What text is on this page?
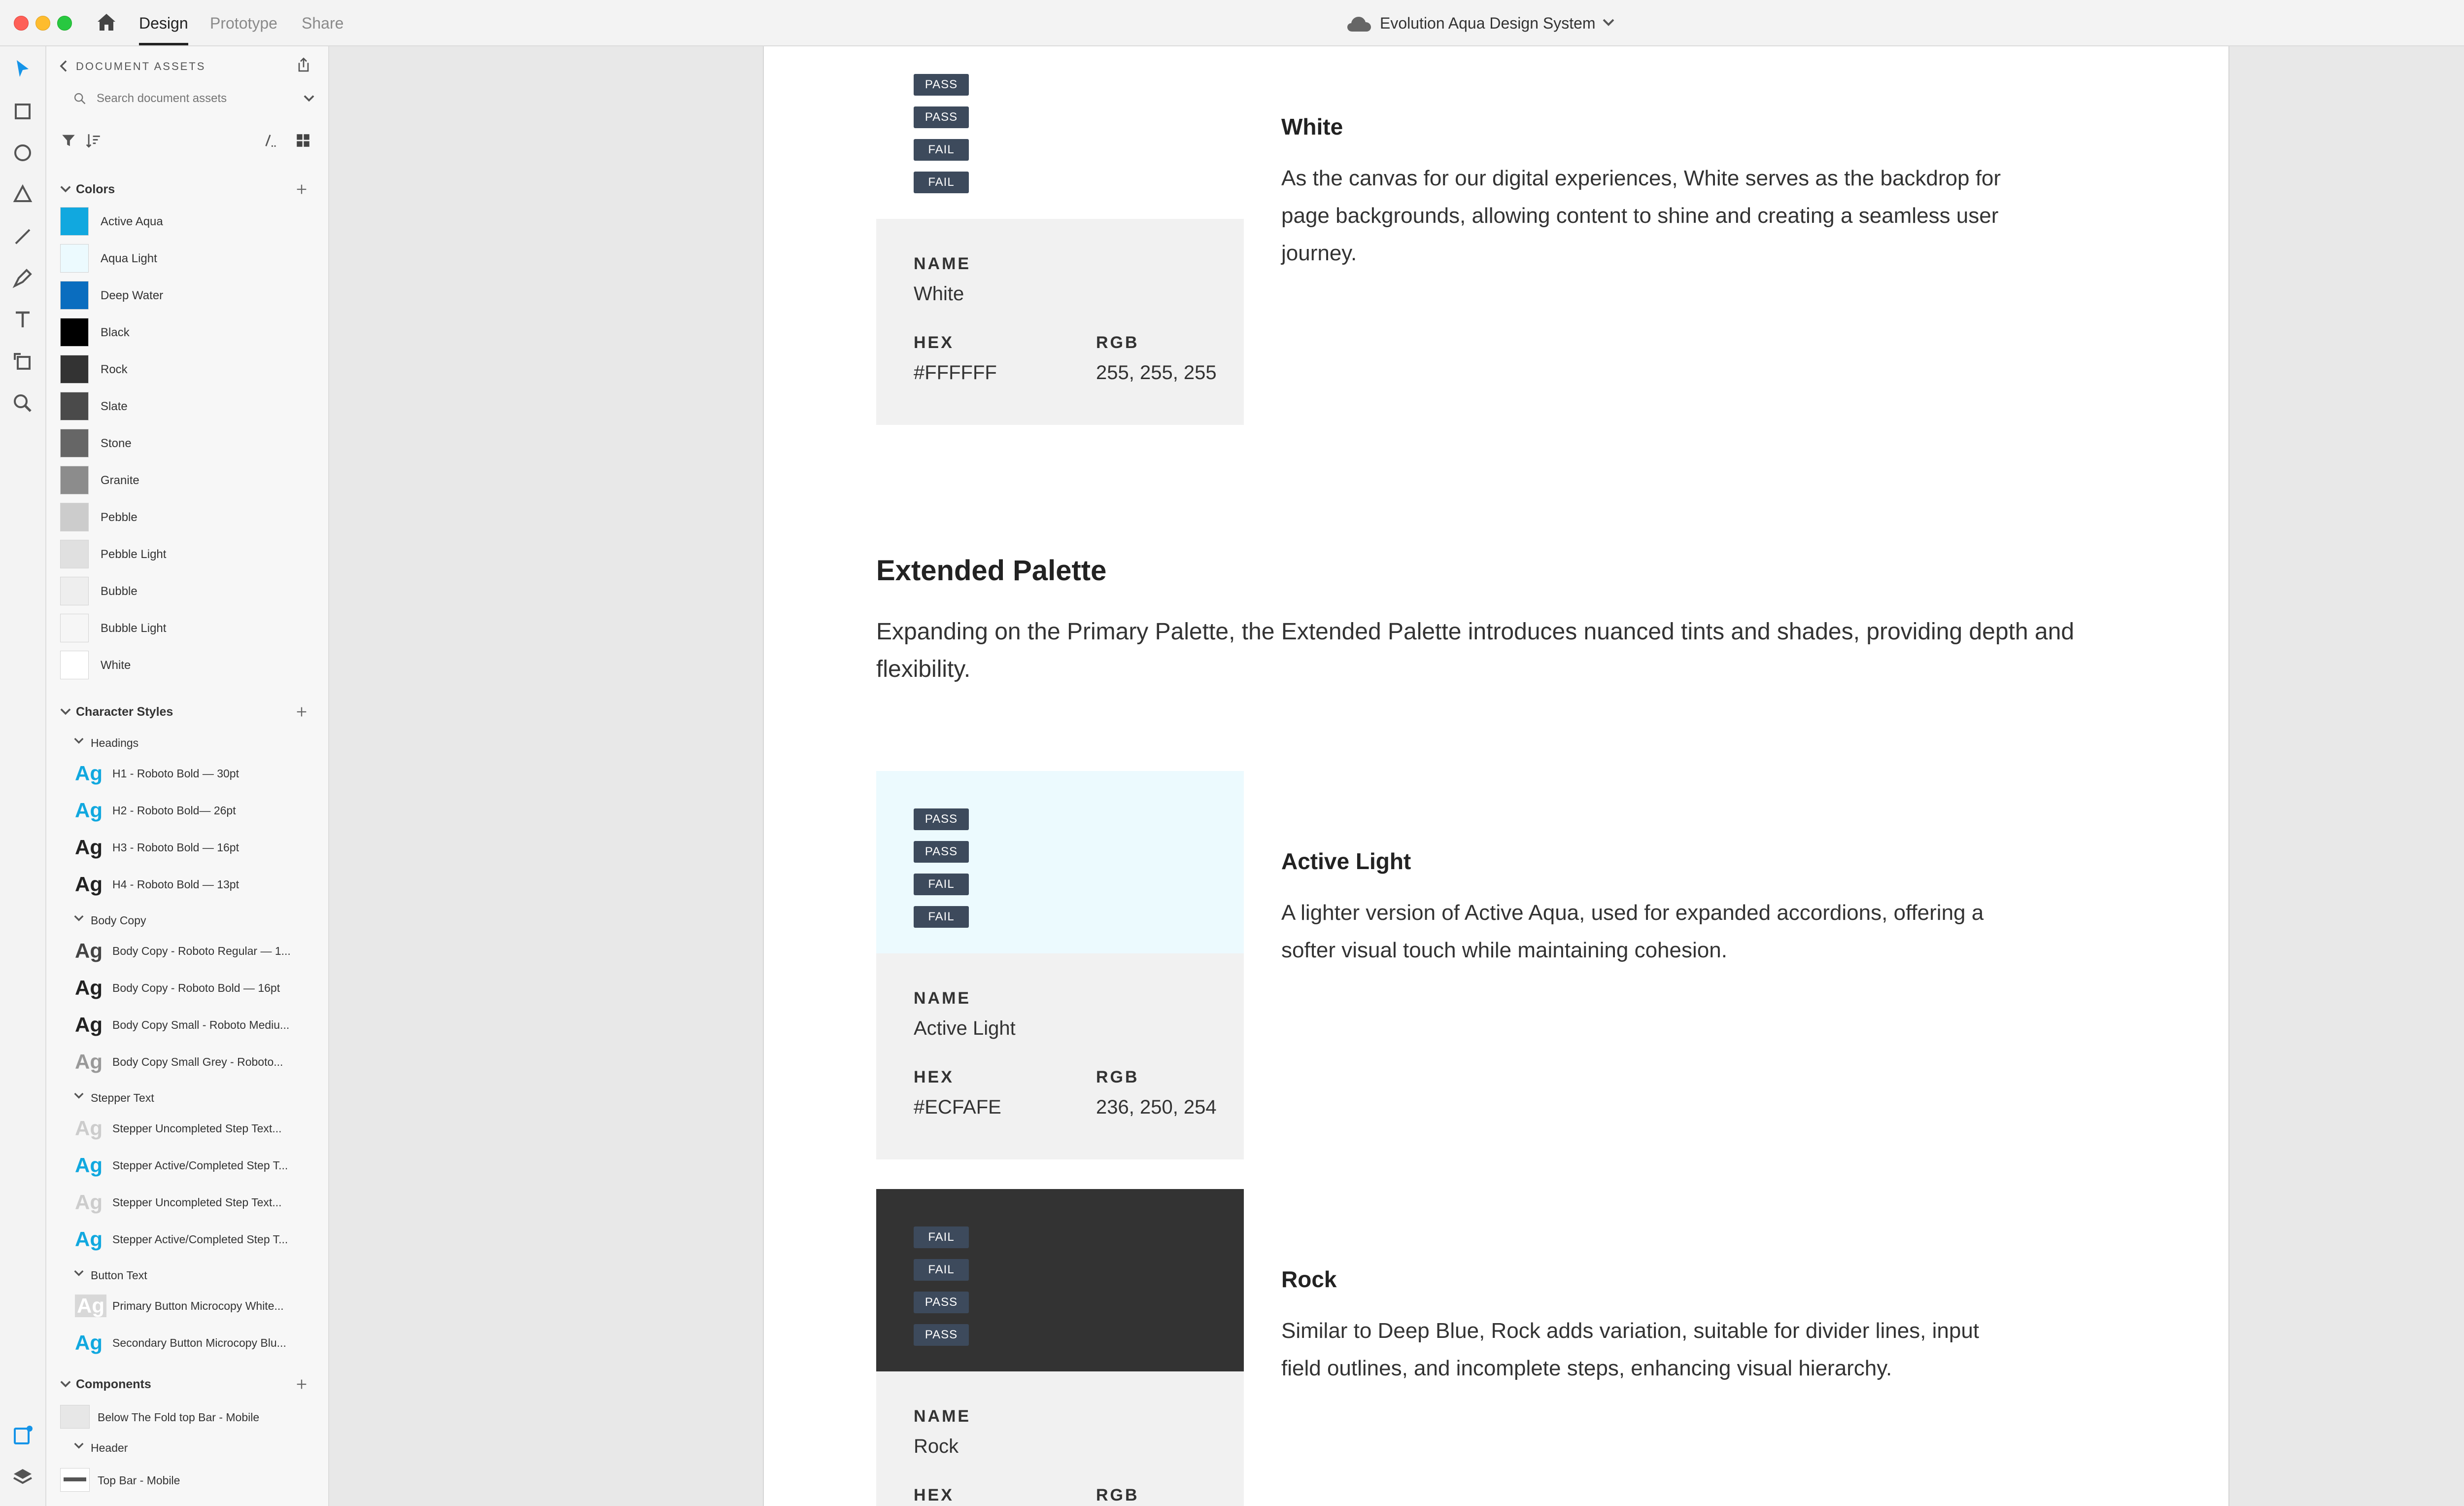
Design Prototype Share	Evolution Aqua Design System
DOCUMENT ASSETS
Search document assets
Colors
Active Aqua
Aqua Light
Deep Water
Black
Rock
Slate
Stone
Granite
Pebble
Pebble Light
Bubble
Bubble Light
White
Character Styles
Headings
Ag H1 - Roboto Bold — 30pt
Ag H2 - Roboto Bold— 26pt
Ag H3 - Roboto Bold — 16pt
Ag H4 - Roboto Bold — 13pt
Body Copy
Ag Body Copy - Roboto Regular — 1...
Ag Body Copy - Roboto Bold — 16pt
Ag Body Copy Small - Roboto Mediu...
Ag Body Copy Small Grey - Roboto...
Stepper Text
Ag Stepper Uncompleted Step Text...
Ag Stepper Active/Completed Step T...
Ag Stepper Uncompleted Step Text...
Ag Stepper Active/Completed Step T...
Button Text
Ag Primary Button Microcopy White...
Ag Secondary Button Microcopy Blu...
Components
Below The Fold top Bar - Mobile
Header
Top Bar - Mobile
PASS
PASS
FAIL
FAIL
NAME
White
HEX
#FFFFFF
RGB
255, 255, 255
White
As the canvas for our digital experiences, White serves as the backdrop for page backgrounds, allowing content to shine and creating a seamless user journey.
PASS
PASS
FAIL
FAIL
NAME
Active Light
HEX
#ECFAFE
RGB
236, 250, 254
Active Light
A lighter version of Active Aqua, used for expanded accordions, offering a softer visual touch while maintaining cohesion.
FAIL
FAIL
PASS
PASS
NAME
Rock
HEX	RGB
Rock
Similar to Deep Blue, Rock adds variation, suitable for divider lines, input field outlines, and incomplete steps, enhancing visual hierarchy.
Extended Palette
Expanding on the Primary Palette, the Extended Palette introduces nuanced tints and shades, providing depth and flexibility.
